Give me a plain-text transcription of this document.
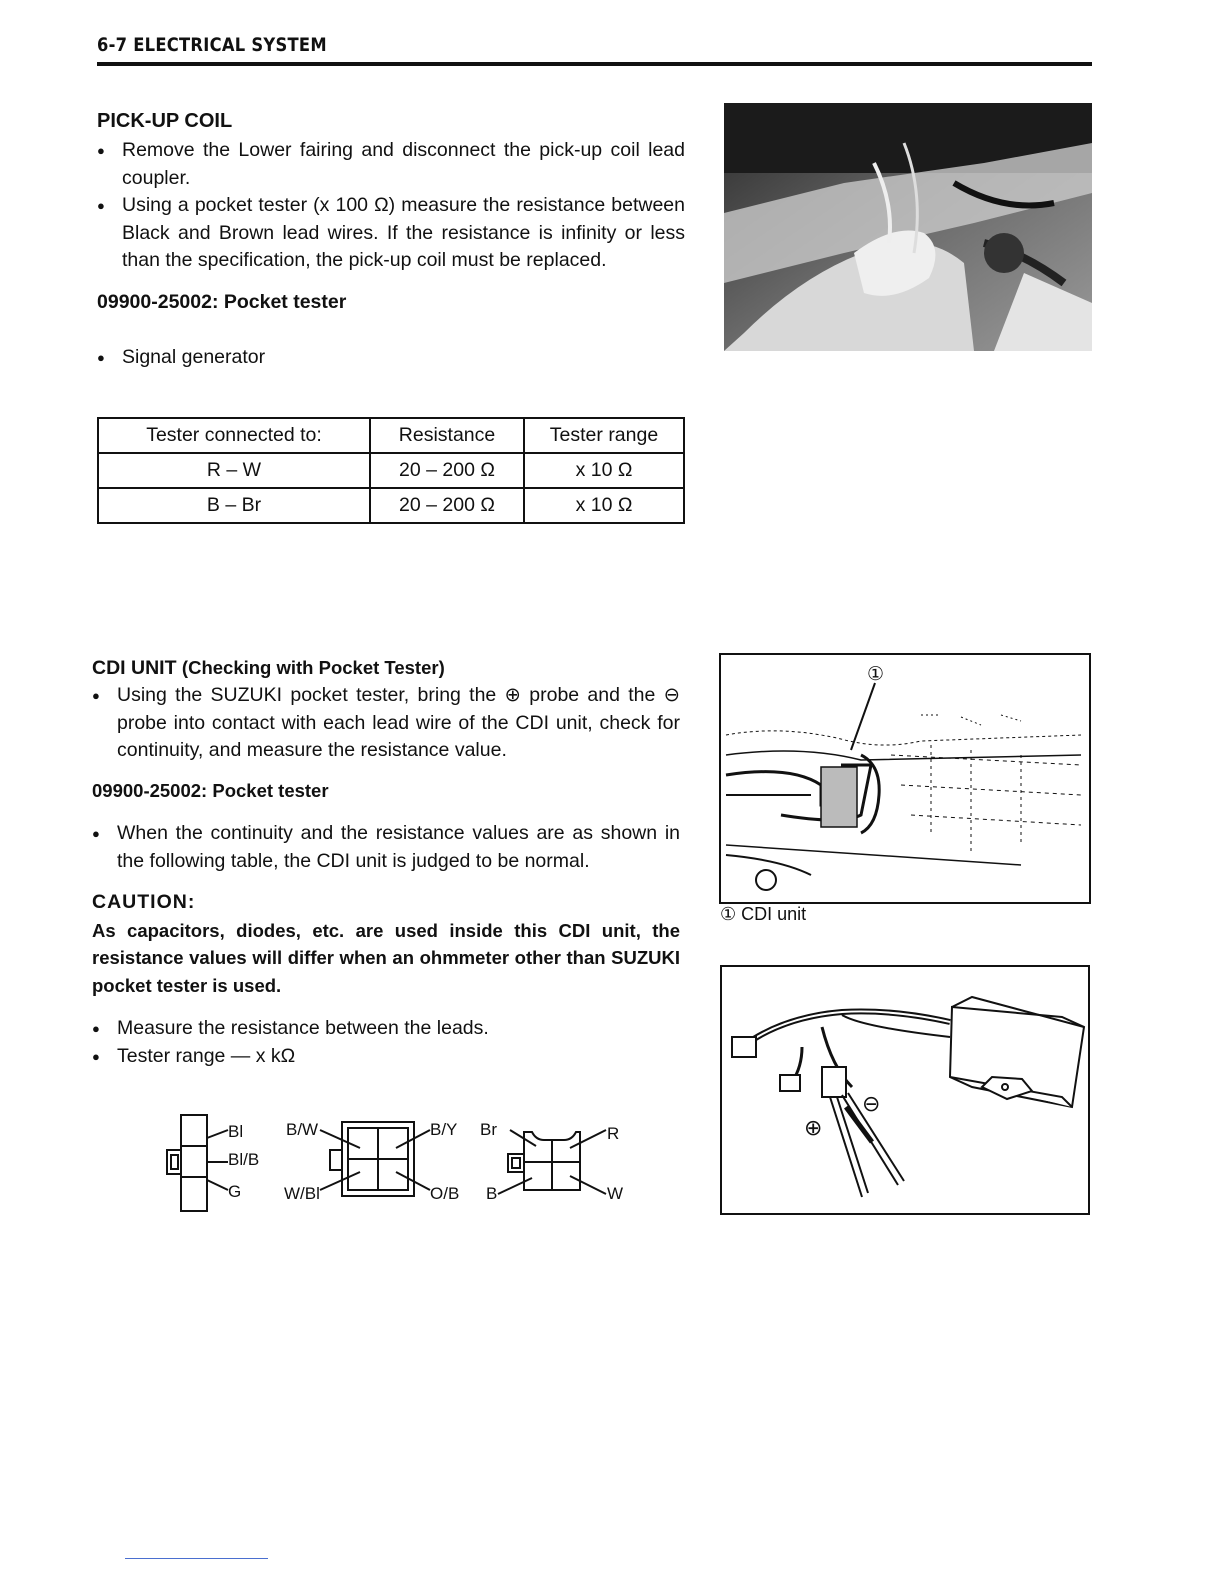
6-7 ELECTRICAL SYSTEM
PICK-UP COIL
● Remove the Lower fairing and disconnect the pick-up coil lead coupler.
● Using a pocket tester (x 100 Ω) measure the resistance between Black and Brown lead wires. If the resistance is infinity or less than the specification, the pick-up coil must be replaced.
09900-25002: Pocket tester
● Signal generator
Tester connected to:	Resistance	Tester range
R – W	20 – 200 Ω	x 10 Ω
B – Br	20 – 200 Ω	x 10 Ω
CDI UNIT (Checking with Pocket Tester)
● Using the SUZUKI pocket tester, bring the ⊕ probe and the ⊖ probe into contact with each lead wire of the CDI unit, check for continuity, and measure the resistance value.
09900-25002: Pocket tester
● When the continuity and the resistance values are as shown in the following table, the CDI unit is judged to be normal.
CAUTION:
As capacitors, diodes, etc. are used inside this CDI unit, the resistance values will differ when an ohmmeter other than SUZUKI pocket tester is used.
● Measure the resistance between the leads.
● Tester range — x kΩ
Bl
Bl/B
G
B/W
W/Bl
B/Y
O/B
Br
B
R
W
①
① CDI unit
⊖
⊕
